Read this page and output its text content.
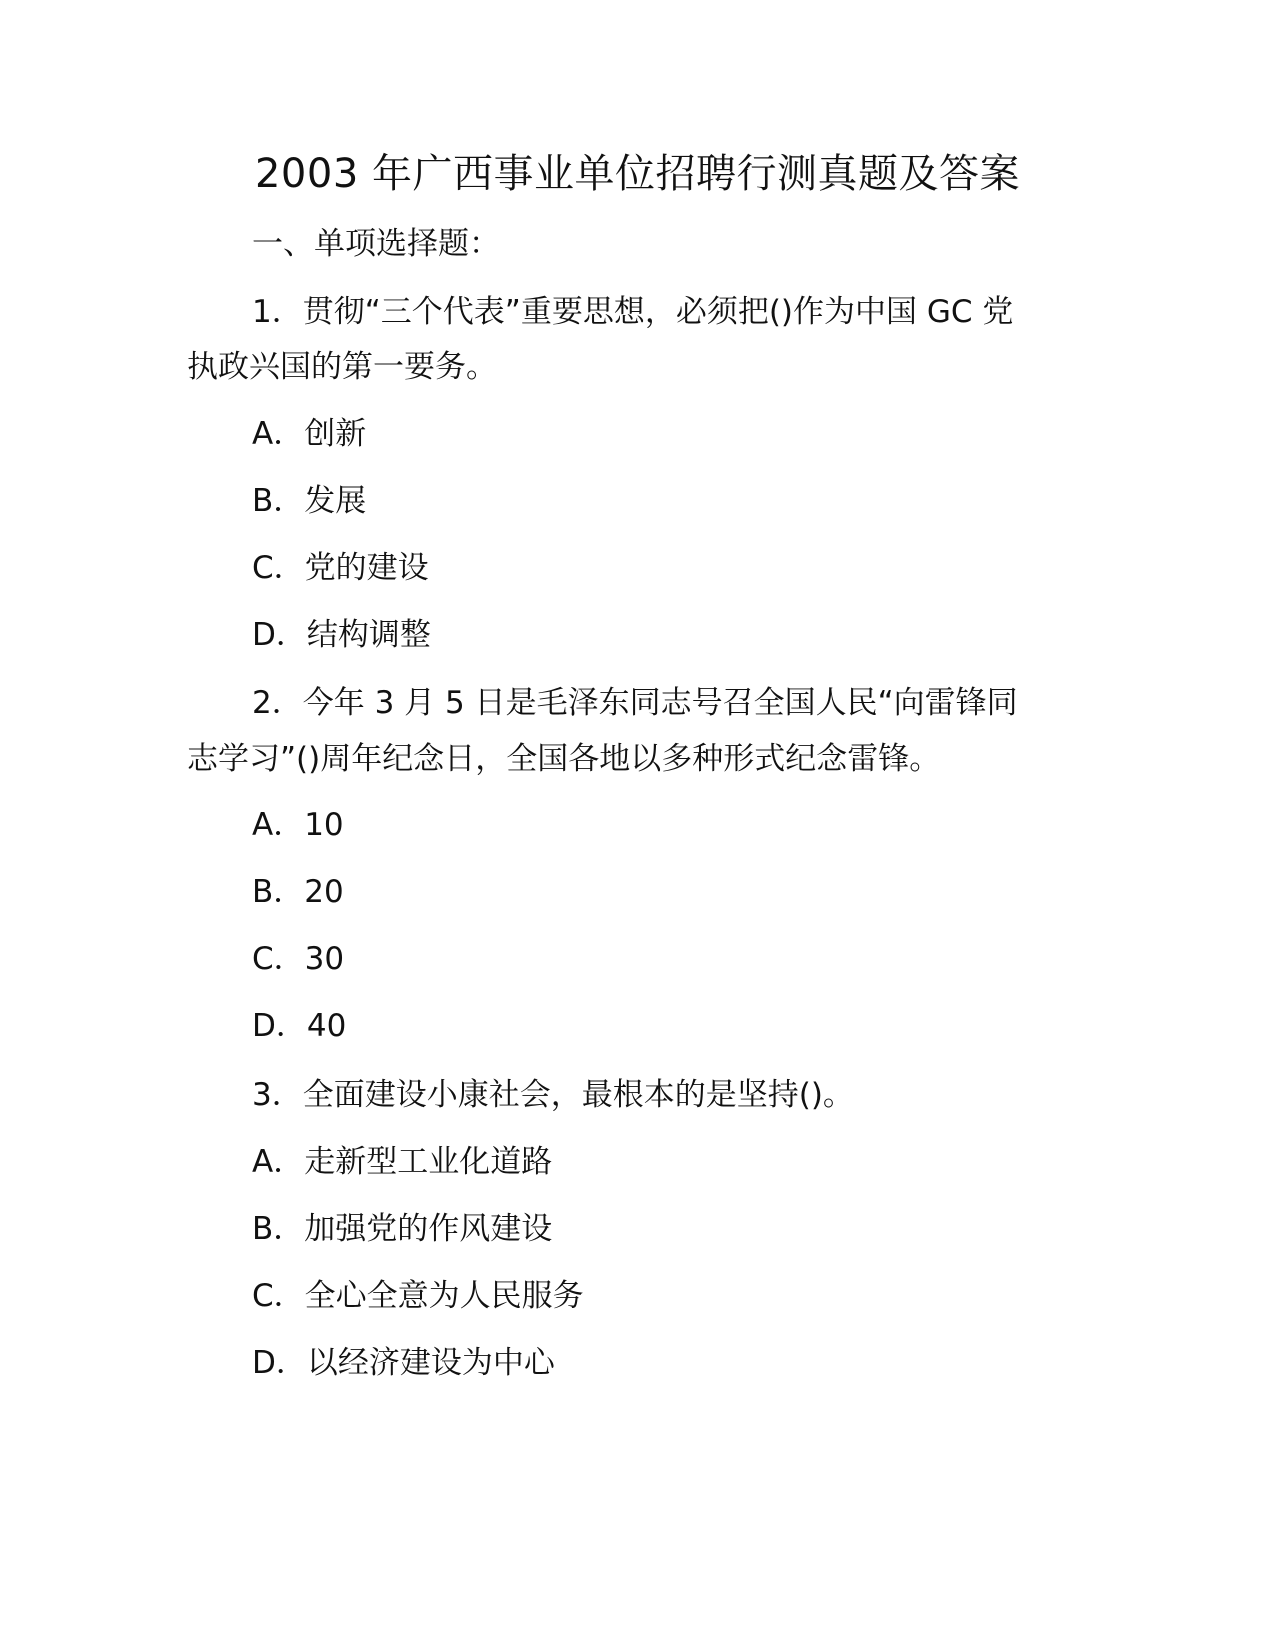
2003 年广西事业单位招聘行测真题及答案
一、单项选择题：
1．贯彻“三个代表”重要思想，必须把()作为中国 GC 党
执政兴国的第一要务。
A．创新
B．发展
C．党的建设
D．结构调整
2．今年 3 月 5 日是毛泽东同志号召全国人民“向雷锋同
志学习”()周年纪念日，全国各地以多种形式纪念雷锋。
A．10
B．20
C．30
D．40
3．全面建设小康社会，最根本的是坚持()。
A．走新型工业化道路
B．加强党的作风建设
C．全心全意为人民服务
D．以经济建设为中心
